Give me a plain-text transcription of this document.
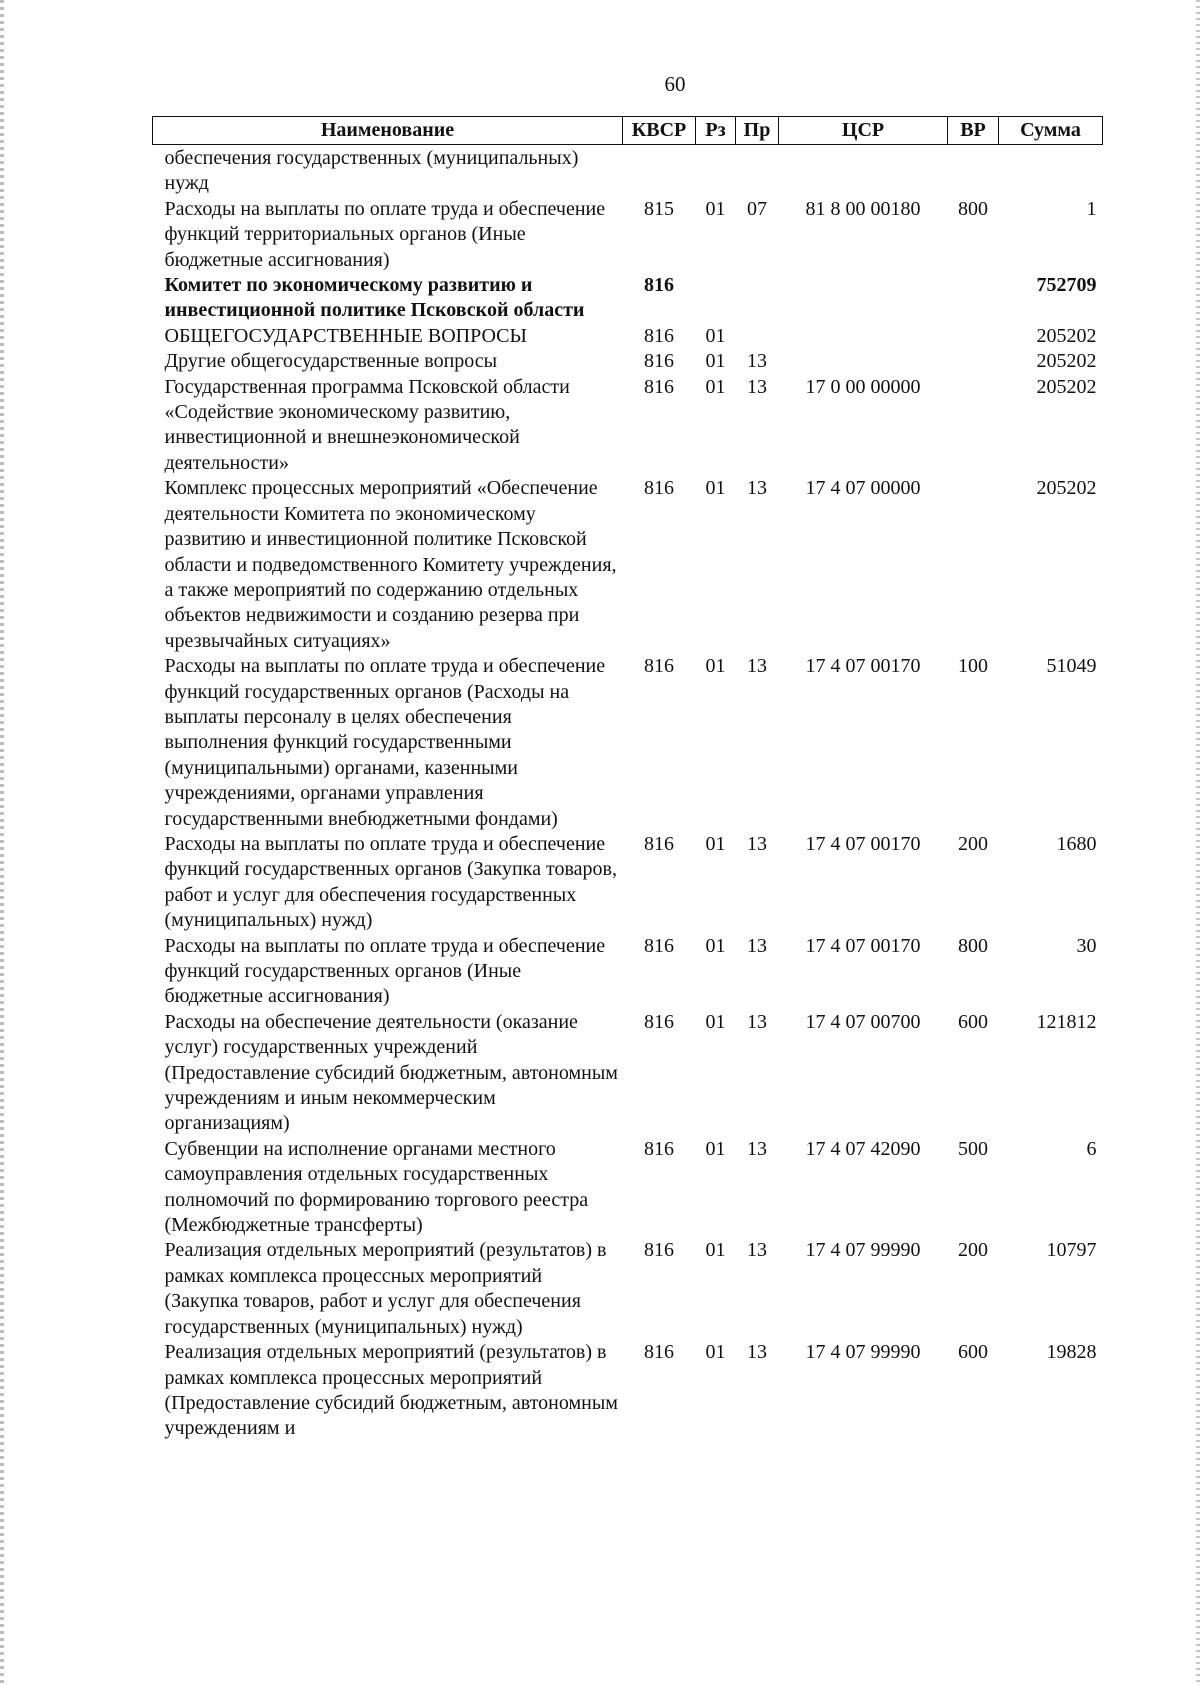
60
Наименование	КВСР	Рз	Пр	ЦСР	ВР	Сумма
обеспечения государственных (муниципальных) нужд						
Расходы на выплаты по оплате труда и обеспечение функций территориальных органов (Иные бюджетные ассигнования)	815	01	07	81 8 00 00180	800	1
Комитет по экономическому развитию и инвестиционной политике Псковской области	816					752709
ОБЩЕГОСУДАРСТВЕННЫЕ ВОПРОСЫ	816	01				205202
Другие общегосударственные вопросы	816	01	13			205202
Государственная программа Псковской области «Содействие экономическому развитию, инвестиционной и внешнеэкономической деятельности»	816	01	13	17 0 00 00000		205202
Комплекс процессных мероприятий «Обеспечение деятельности Комитета по экономическому развитию и инвестиционной политике Псковской области и подведомственного Комитету учреждения, а также мероприятий по содержанию отдельных объектов недвижимости и созданию резерва при чрезвычайных ситуациях»	816	01	13	17 4 07 00000		205202
Расходы на выплаты по оплате труда и обеспечение функций государственных органов (Расходы на выплаты персоналу в целях обеспечения выполнения функций государственными (муниципальными) органами, казенными учреждениями, органами управления государственными внебюджетными фондами)	816	01	13	17 4 07 00170	100	51049
Расходы на выплаты по оплате труда и обеспечение функций государственных органов (Закупка товаров, работ и услуг для обеспечения государственных (муниципальных) нужд)	816	01	13	17 4 07 00170	200	1680
Расходы на выплаты по оплате труда и обеспечение функций государственных органов (Иные бюджетные ассигнования)	816	01	13	17 4 07 00170	800	30
Расходы на обеспечение деятельности (оказание услуг) государственных учреждений (Предоставление субсидий бюджетным, автономным учреждениям и иным некоммерческим организациям)	816	01	13	17 4 07 00700	600	121812
Субвенции на исполнение органами местного самоуправления отдельных государственных полномочий по формированию торгового реестра (Межбюджетные трансферты)	816	01	13	17 4 07 42090	500	6
Реализация отдельных мероприятий (результатов) в рамках комплекса процессных мероприятий (Закупка товаров, работ и услуг для обеспечения государственных (муниципальных) нужд)	816	01	13	17 4 07 99990	200	10797
Реализация отдельных мероприятий (результатов) в рамках комплекса процессных мероприятий (Предоставление субсидий бюджетным, автономным учреждениям и	816	01	13	17 4 07 99990	600	19828
